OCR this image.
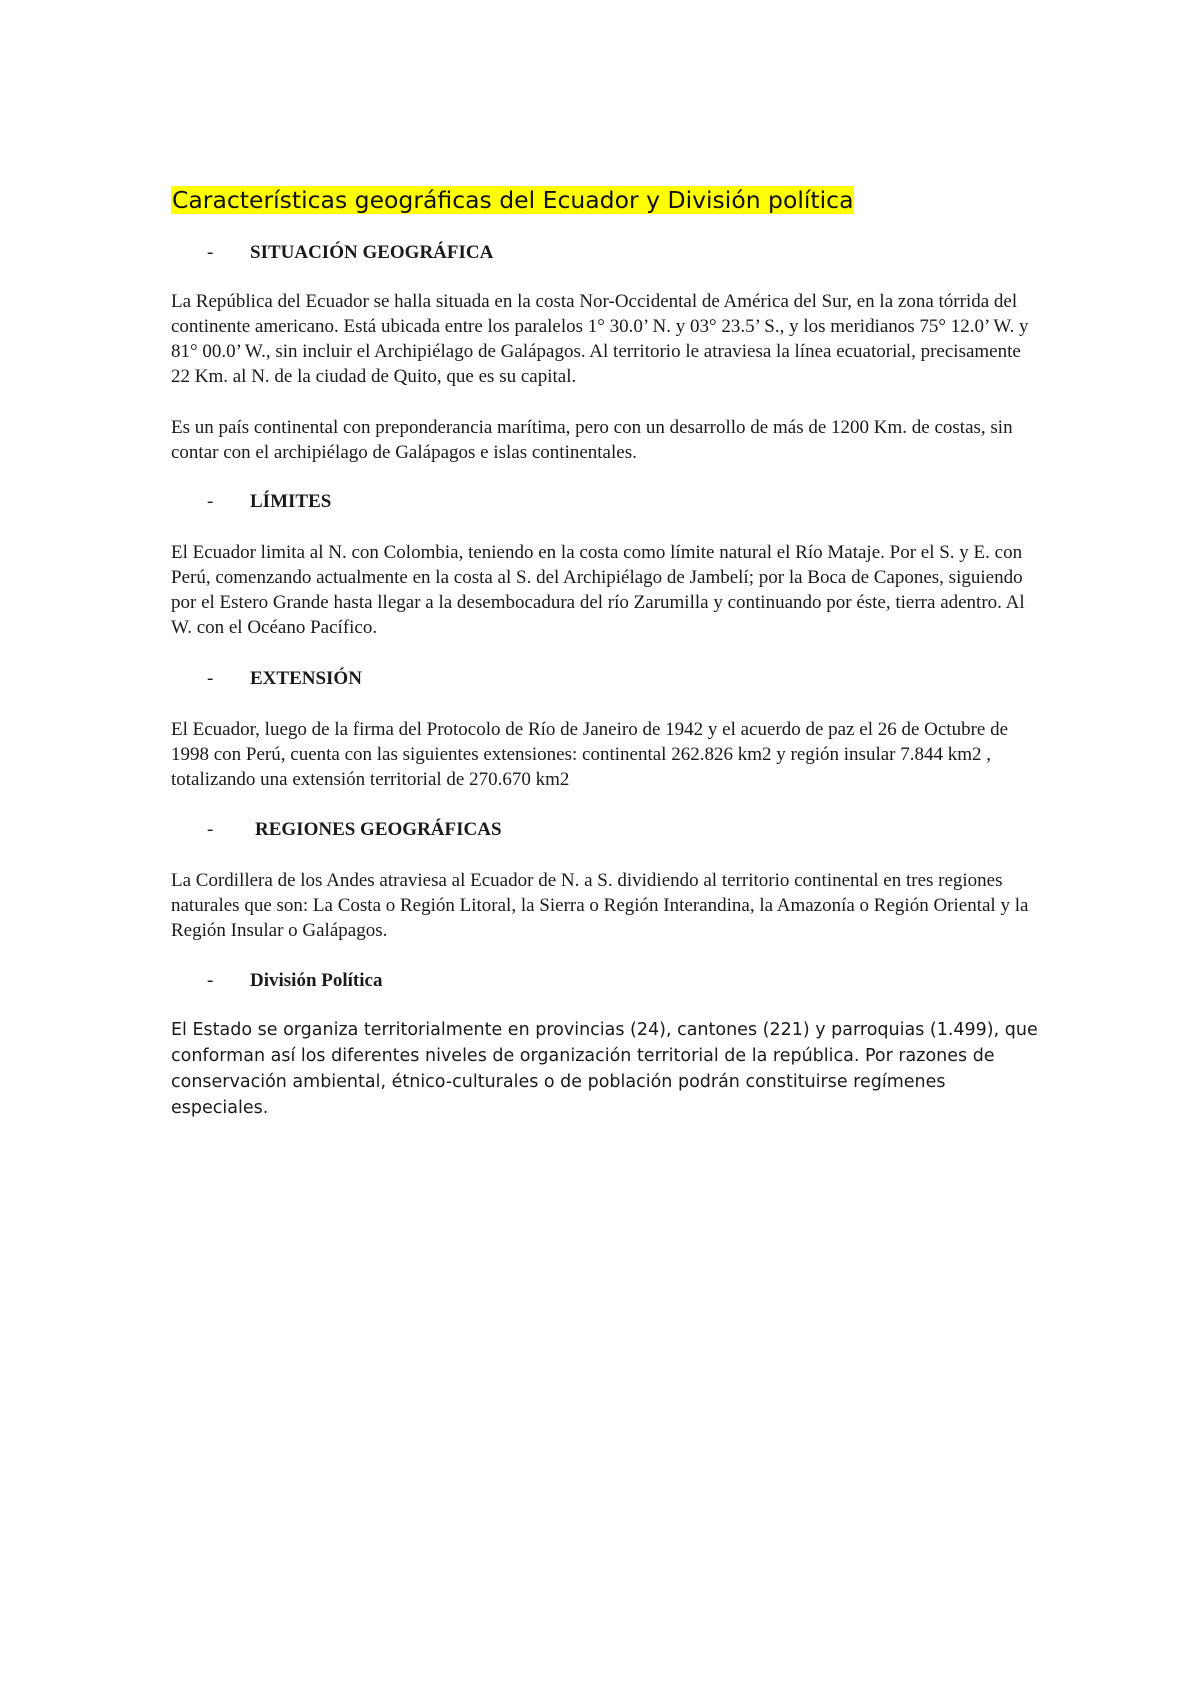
Características geográficas del Ecuador y División política
-	SITUACIÓN GEOGRÁFICA

La República del Ecuador se halla situada en la costa Nor-Occidental de América del Sur, en la zona tórrida del continente americano. Está ubicada entre los paralelos 1° 30.0’ N. y 03° 23.5’ S., y los meridianos 75° 12.0’ W. y 81° 00.0’ W., sin incluir el Archipiélago de Galápagos. Al territorio le atraviesa la línea ecuatorial, precisamente 22 Km. al N. de la ciudad de Quito, que es su capital.

Es un país continental con preponderancia marítima, pero con un desarrollo de más de 1200 Km. de costas, sin contar con el archipiélago de Galápagos e islas continentales.

-	LÍMITES

El Ecuador limita al N. con Colombia, teniendo en la costa como límite natural el Río Mataje. Por el S. y E. con Perú, comenzando actualmente en la costa al S. del Archipiélago de Jambelí; por la Boca de Capones, siguiendo por el Estero Grande hasta llegar a la desembocadura del río Zarumilla y continuando por éste, tierra adentro. Al W. con el Océano Pacífico.

-	EXTENSIÓN

El Ecuador, luego de la firma del Protocolo de Río de Janeiro de 1942 y el acuerdo de paz el 26 de Octubre de 1998 con Perú, cuenta con las siguientes extensiones: continental 262.826 km2 y región insular 7.844 km2 , totalizando una extensión territorial de 270.670 km2

-	REGIONES GEOGRÁFICAS

La Cordillera de los Andes atraviesa al Ecuador de N. a S. dividiendo al territorio continental en tres regiones naturales que son: La Costa o Región Litoral, la Sierra o Región Interandina, la Amazonía o Región Oriental y la Región Insular o Galápagos.

-	División Política

El Estado se organiza territorialmente en provincias (24), cantones (221) y parroquias (1.499), que conforman así los diferentes niveles de organización territorial de la república. Por razones de conservación ambiental, étnico-culturales o de población podrán constituirse regímenes especiales.
